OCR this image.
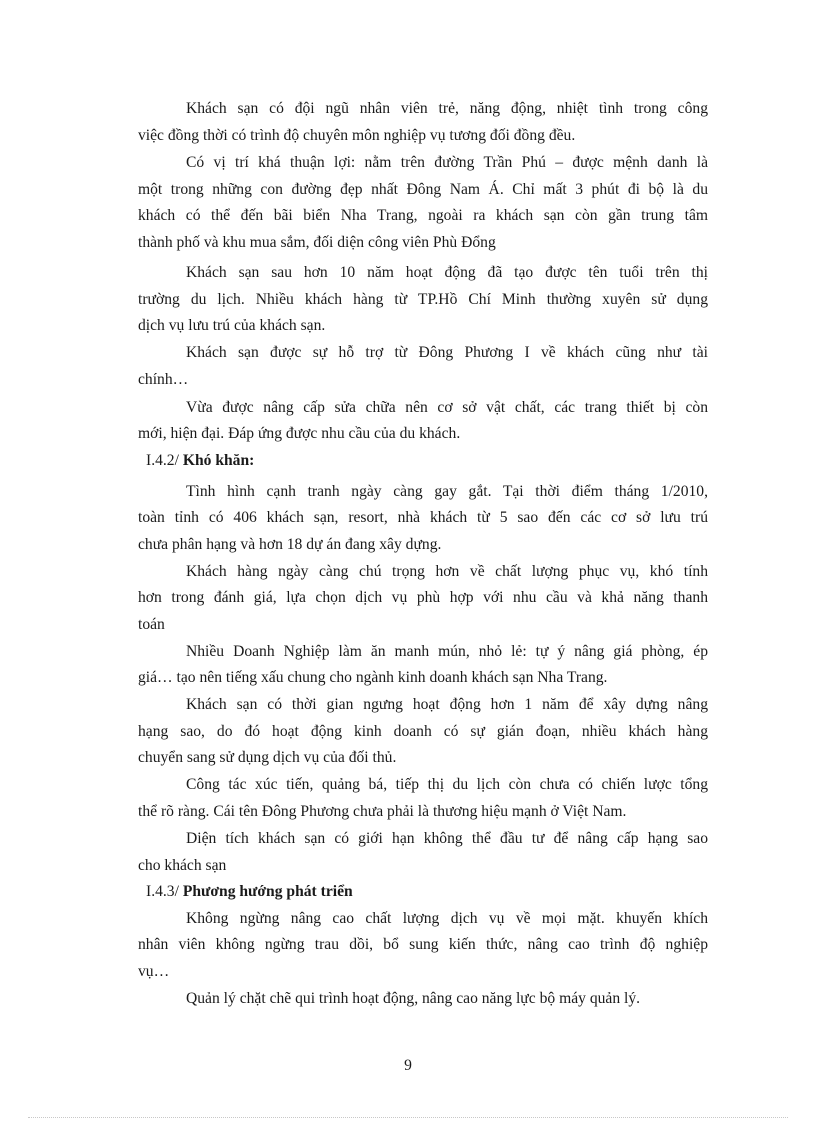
Khách sạn có đội ngũ nhân viên trẻ, năng động, nhiệt tình trong công
việc đồng thời có trình độ chuyên môn nghiệp vụ tương đối đồng đều.
Có vị trí khá thuận lợi: nằm trên đường Trần Phú – được mệnh danh là
một trong những con đường đẹp nhất Đông Nam Á. Chỉ mất 3 phút đi bộ là du
khách có thể đến bãi biển Nha Trang, ngoài ra khách sạn còn gần trung tâm
thành phố và khu mua sắm, đối diện công viên Phù Đổng
Khách sạn sau hơn 10 năm hoạt động đã tạo được tên tuổi trên thị
trường du lịch. Nhiều khách hàng từ TP.Hồ Chí Minh thường xuyên sử dụng
dịch vụ lưu trú của khách sạn.
Khách sạn được sự hỗ trợ từ Đông Phương I về khách cũng như tài
chính…
Vừa được nâng cấp sửa chữa nên cơ sở vật chất, các trang thiết bị còn
mới, hiện đại. Đáp ứng được nhu cầu của du khách.
I.4.2/ Khó khăn:
Tình hình cạnh tranh ngày càng gay gắt. Tại thời điểm tháng 1/2010,
toàn tỉnh có 406 khách sạn, resort, nhà khách từ 5 sao đến các cơ sở lưu trú
chưa phân hạng và hơn 18 dự án đang xây dựng.
Khách hàng ngày càng chú trọng hơn về chất lượng phục vụ, khó tính
hơn trong đánh giá, lựa chọn dịch vụ phù hợp với nhu cầu và khả năng thanh
toán
Nhiều Doanh Nghiệp làm ăn manh mún, nhỏ lẻ: tự ý nâng giá phòng, ép
giá… tạo nên tiếng xấu chung cho ngành kinh doanh khách sạn Nha Trang.
Khách sạn có thời gian ngưng hoạt động hơn 1 năm để xây dựng nâng
hạng sao, do đó hoạt động kinh doanh có sự gián đoạn, nhiều khách hàng
chuyển sang sử dụng dịch vụ của đối thủ.
Công tác xúc tiến, quảng bá, tiếp thị du lịch còn chưa có chiến lược tổng
thể rõ ràng. Cái tên Đông Phương chưa phải là thương hiệu mạnh ở Việt Nam.
Diện tích khách sạn có giới hạn không thể đầu tư để nâng cấp hạng sao
cho khách sạn
I.4.3/ Phương hướng phát triển
Không ngừng nâng cao chất lượng dịch vụ về mọi mặt. khuyến khích
nhân viên không ngừng trau dồi, bổ sung kiến thức, nâng cao trình độ nghiệp
vụ…
Quản lý chặt chẽ qui trình hoạt động, nâng cao năng lực bộ máy quản lý.
9
